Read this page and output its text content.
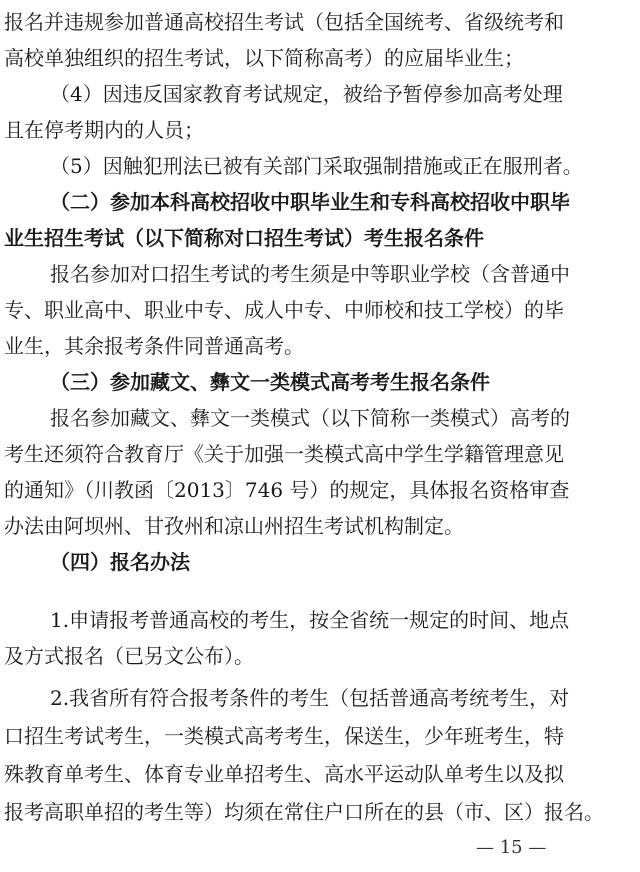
报名并违规参加普通高校招生考试（包括全国统考、省级统考和
高校单独组织的招生考试，以下简称高考）的应届毕业生；
（4）因违反国家教育考试规定，被给予暂停参加高考处理
且在停考期内的人员；
（5）因触犯刑法已被有关部门采取强制措施或正在服刑者。
（二）参加本科高校招收中职毕业生和专科高校招收中职毕
业生招生考试（以下简称对口招生考试）考生报名条件
报名参加对口招生考试的考生须是中等职业学校（含普通中
专、职业高中、职业中专、成人中专、中师校和技工学校）的毕
业生，其余报考条件同普通高考。
（三）参加藏文、彝文一类模式高考考生报名条件
报名参加藏文、彝文一类模式（以下简称一类模式）高考的
考生还须符合教育厅《关于加强一类模式高中学生学籍管理意见
的通知》（川教函〔2013〕746 号）的规定，具体报名资格审查
办法由阿坝州、甘孜州和凉山州招生考试机构制定。
（四）报名办法
1.申请报考普通高校的考生，按全省统一规定的时间、地点
及方式报名（已另文公布）。
2.我省所有符合报考条件的考生（包括普通高考统考生，对
口招生考试考生，一类模式高考考生，保送生，少年班考生，特
殊教育单考生、体育专业单招考生、高水平运动队单考生以及拟
报考高职单招的考生等）均须在常住户口所在的县（市、区）报名。
— 15 —
